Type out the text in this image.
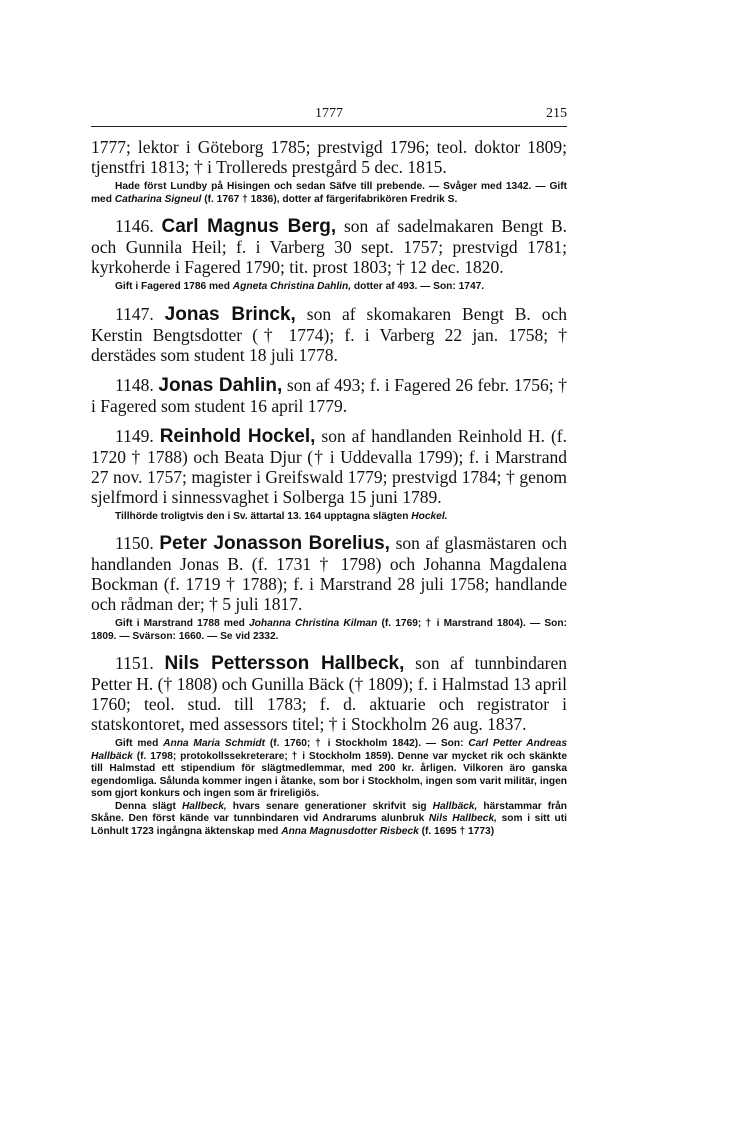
1777	215

1777; lektor i Göteborg 1785; prestvigd 1796; teol. doktor 1809; tjenstfri 1813; † i Trollereds prestgård 5 dec. 1815.

Hade först Lundby på Hisingen och sedan Säfve till prebende. — Svåger med 1342. — Gift med Catharina Signeul (f. 1767 † 1836), dotter af färgerifabrikören Fredrik S.

1146. Carl Magnus Berg, son af sadelmakaren Bengt B. och Gunnila Heil; f. i Varberg 30 sept. 1757; prestvigd 1781; kyrkoherde i Fagered 1790; tit. prost 1803; † 12 dec. 1820.

Gift i Fagered 1786 med Agneta Christina Dahlin, dotter af 493. — Son: 1747.

1147. Jonas Brinck, son af skomakaren Bengt B. och Kerstin Bengtsdotter († 1774); f. i Varberg 22 jan. 1758; † derstädes som student 18 juli 1778.

1148. Jonas Dahlin, son af 493; f. i Fagered 26 febr. 1756; † i Fagered som student 16 april 1779.

1149. Reinhold Hockel, son af handlanden Reinhold H. (f. 1720 † 1788) och Beata Djur († i Uddevalla 1799); f. i Marstrand 27 nov. 1757; magister i Greifswald 1779; prestvigd 1784; † genom sjelfmord i sinnessvaghet i Solberga 15 juni 1789.

Tillhörde troligtvis den i Sv. ättartal 13. 164 upptagna slägten Hockel.

1150. Peter Jonasson Borelius, son af glasmästaren och handlanden Jonas B. (f. 1731 † 1798) och Johanna Magdalena Bockman (f. 1719 † 1788); f. i Marstrand 28 juli 1758; handlande och rådman der; † 5 juli 1817.

Gift i Marstrand 1788 med Johanna Christina Kilman (f. 1769; † i Marstrand 1804). — Son: 1809. — Svärson: 1660. — Se vid 2332.

1151. Nils Pettersson Hallbeck, son af tunnbindaren Petter H. († 1808) och Gunilla Bäck († 1809); f. i Halmstad 13 april 1760; teol. stud. till 1783; f. d. aktuarie och registrator i statskontoret, med assessors titel; † i Stockholm 26 aug. 1837.

Gift med Anna Maria Schmidt (f. 1760; † i Stockholm 1842). — Son: Carl Petter Andreas Hallbäck (f. 1798; protokollssekreterare; † i Stockholm 1859). Denne var mycket rik och skänkte till Halmstad ett stipendium för slägtmedlemmar, med 200 kr. årligen. Vilkoren äro ganska egendomliga. Sålunda kommer ingen i åtanke, som bor i Stockholm, ingen som varit militär, ingen som gjort konkurs och ingen som är frireligiös.

Denna slägt Hallbeck, hvars senare generationer skrifvit sig Hallbäck, härstammar från Skåne. Den först kände var tunnbindaren vid Andrarums alunbruk Nils Hallbeck, som i sitt uti Lönhult 1723 ingångna äktenskap med Anna Magnusdotter Risbeck (f. 1695 † 1773)
